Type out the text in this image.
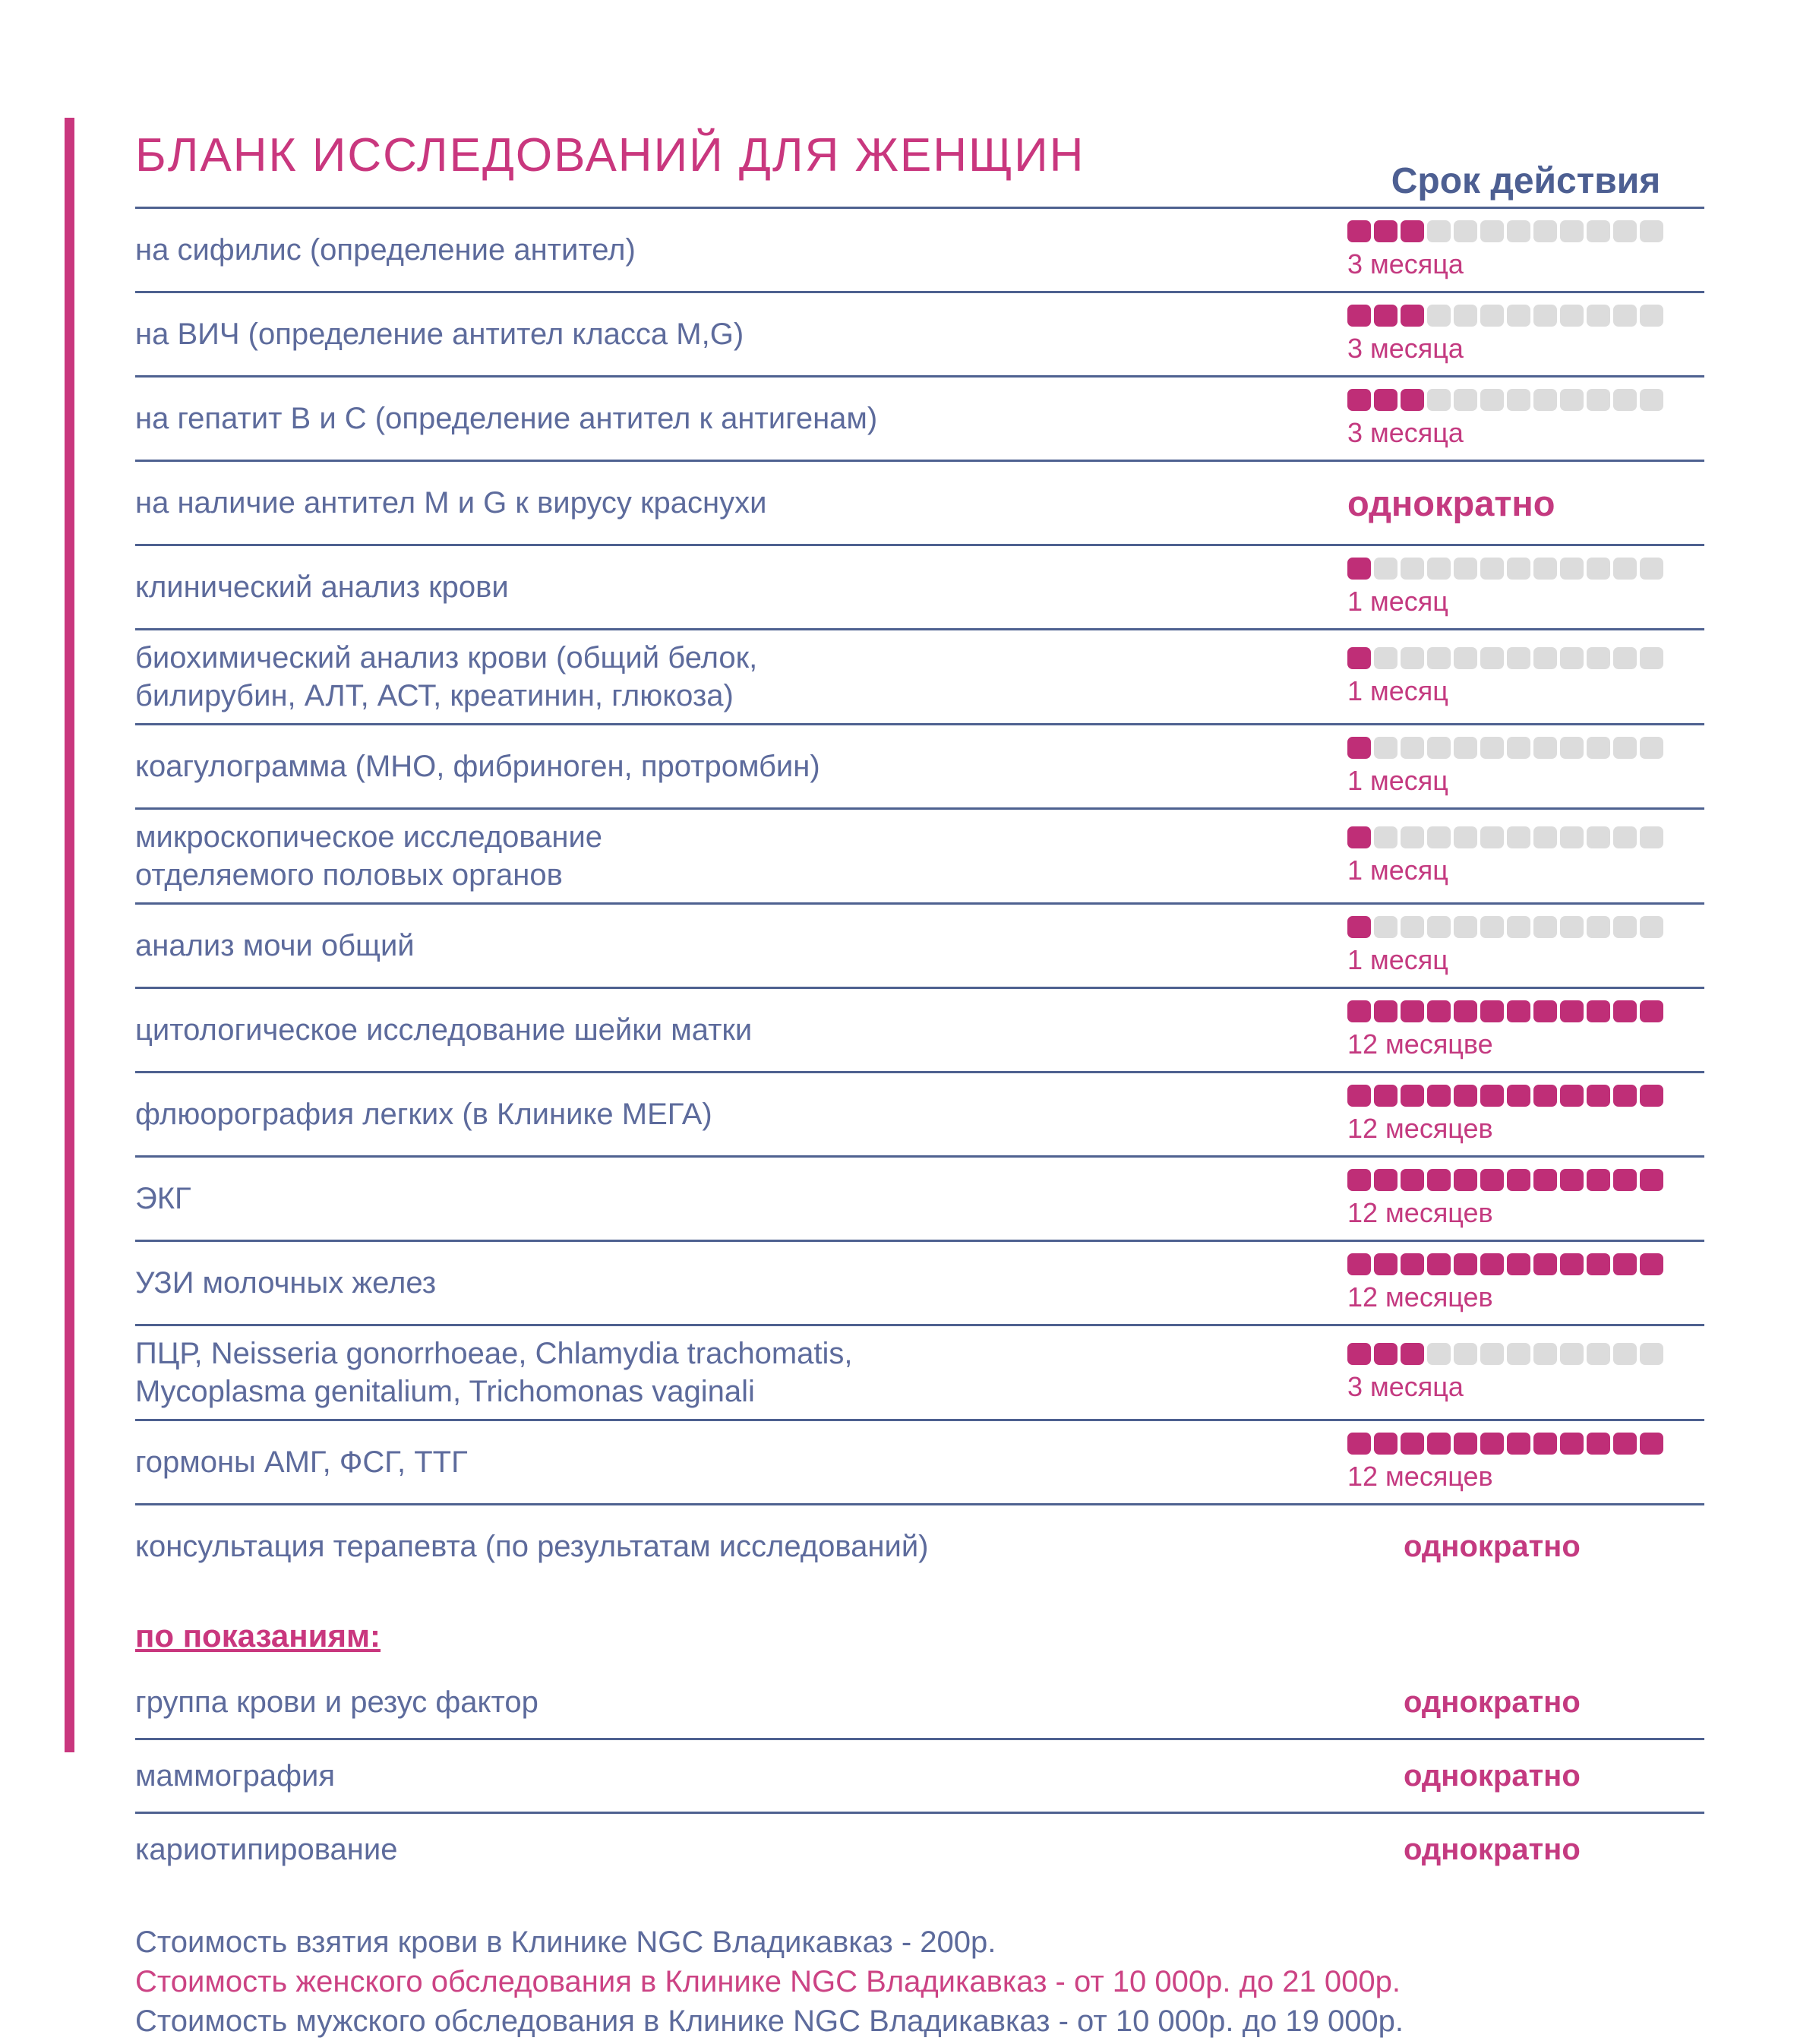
БЛАНК ИССЛЕДОВАНИЙ ДЛЯ ЖЕНЩИН	Срок действия
на сифилис (определение антител)	3 месяца
на ВИЧ (определение антител класса M,G)	3 месяца
на гепатит B и C (определение антител к антигенам)	3 месяца
на наличие антител M и G к вирусу краснухи	однократно
клинический анализ крови	1 месяц
биохимический анализ крови (общий белок,
билирубин, АЛТ, АСТ, креатинин, глюкоза)	1 месяц
коагулограмма (МНО, фибриноген, протромбин)	1 месяц
микроскопическое исследование
отделяемого половых органов	1 месяц
анализ мочи общий	1 месяц
цитологическое исследование шейки матки	12 месяцве
флюорография легких (в Клинике МЕГА)	12 месяцев
ЭКГ	12 месяцев
УЗИ молочных желез	12 месяцев
ПЦР, Neisseria gonorrhoeae, Chlamydia trachomatis,
Mycoplasma genitalium, Trichomonas vaginali	3 месяца
гормоны АМГ, ФСГ, ТТГ	12 месяцев
консультация терапевта (по результатам исследований)	однократно
по показаниям:
группа крови и резус фактор	однократно
маммография	однократно
кариотипирование	однократно
Стоимость взятия крови в Клинике NGC Владикавказ - 200р.
Стоимость женского обследования в Клинике NGC Владикавказ - от 10 000р. до 21 000р.
Стоимость мужского обследования в Клинике NGC Владикавказ - от 10 000р. до 19 000р.
